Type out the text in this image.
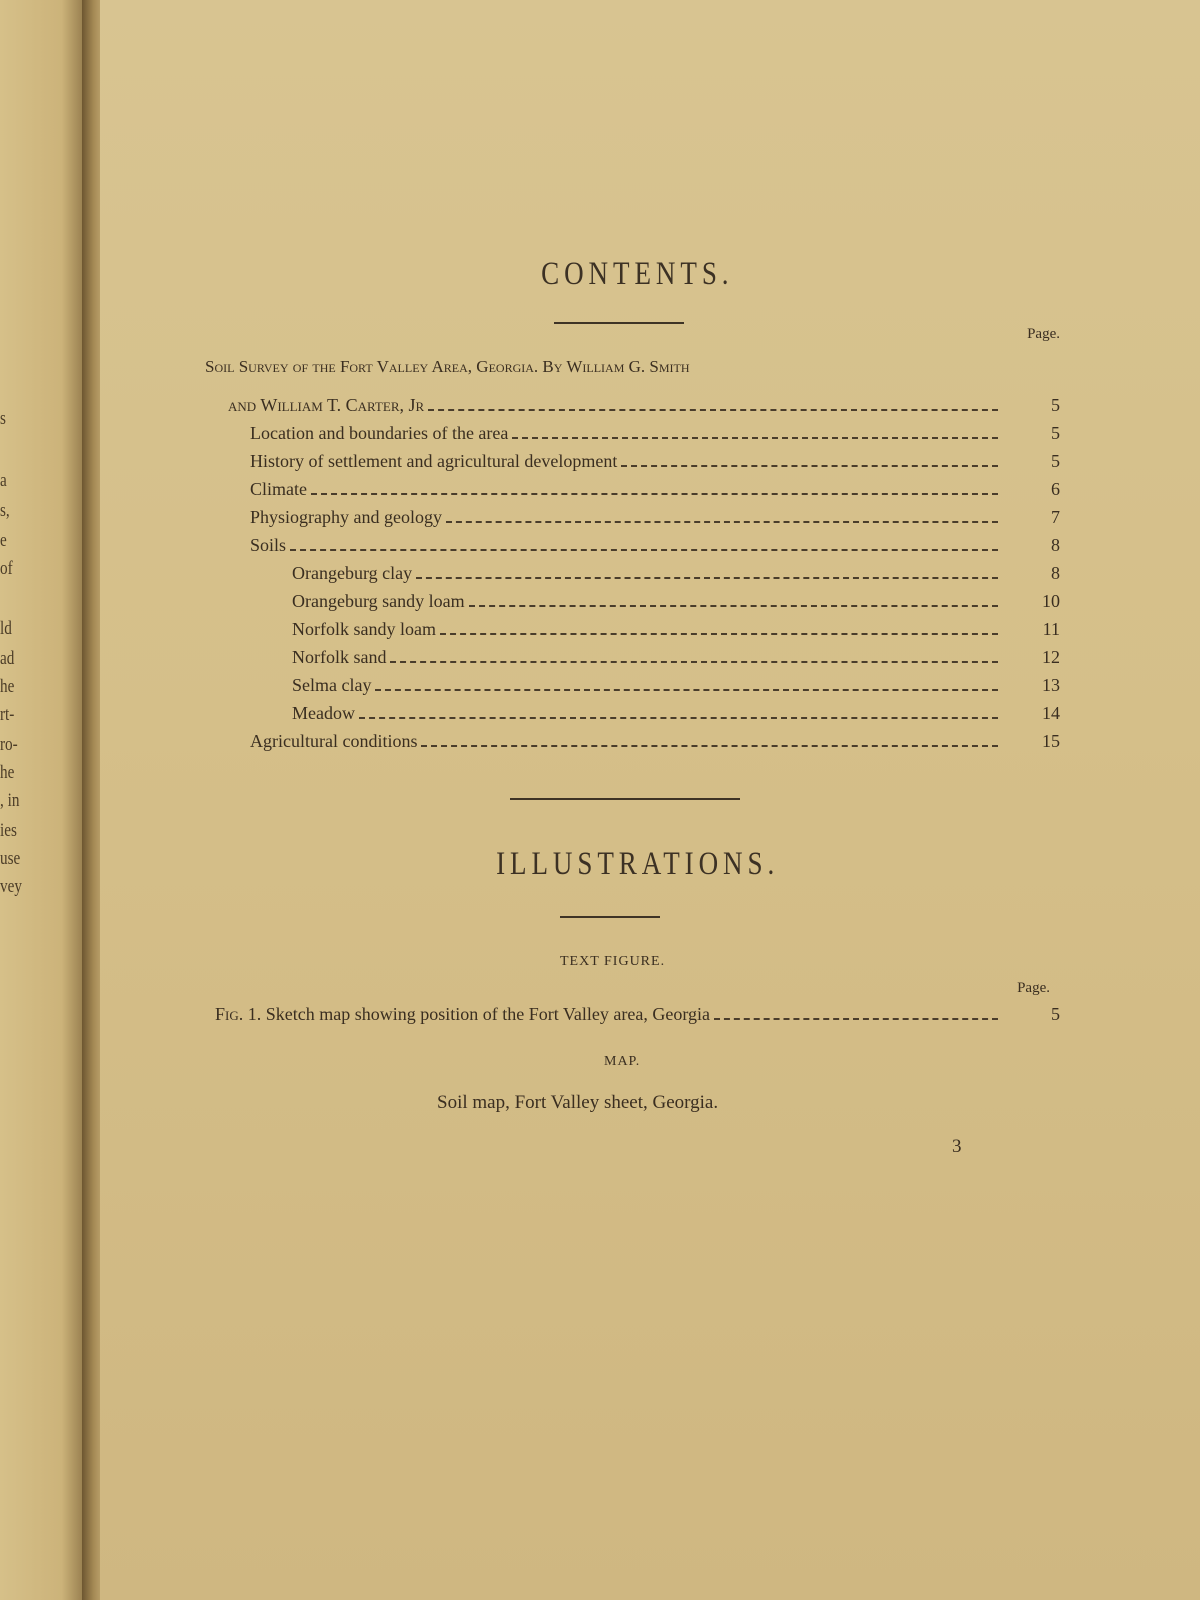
s
a
s,
e
of
ld
ad
he
rt-
ro-
he
, in
ies
use
vey
CONTENTS.
Page.
Soil Survey of the Fort Valley Area, Georgia. By William G. Smith
and William T. Carter, Jr	5
Location and boundaries of the area	5
History of settlement and agricultural development	5
Climate	6
Physiography and geology	7
Soils	8
Orangeburg clay	8
Orangeburg sandy loam	10
Norfolk sandy loam	11
Norfolk sand	12
Selma clay	13
Meadow	14
Agricultural conditions	15
ILLUSTRATIONS.
TEXT FIGURE.
Page.
Fig. 1. Sketch map showing position of the Fort Valley area, Georgia	5
MAP.
Soil map, Fort Valley sheet, Georgia.
3
